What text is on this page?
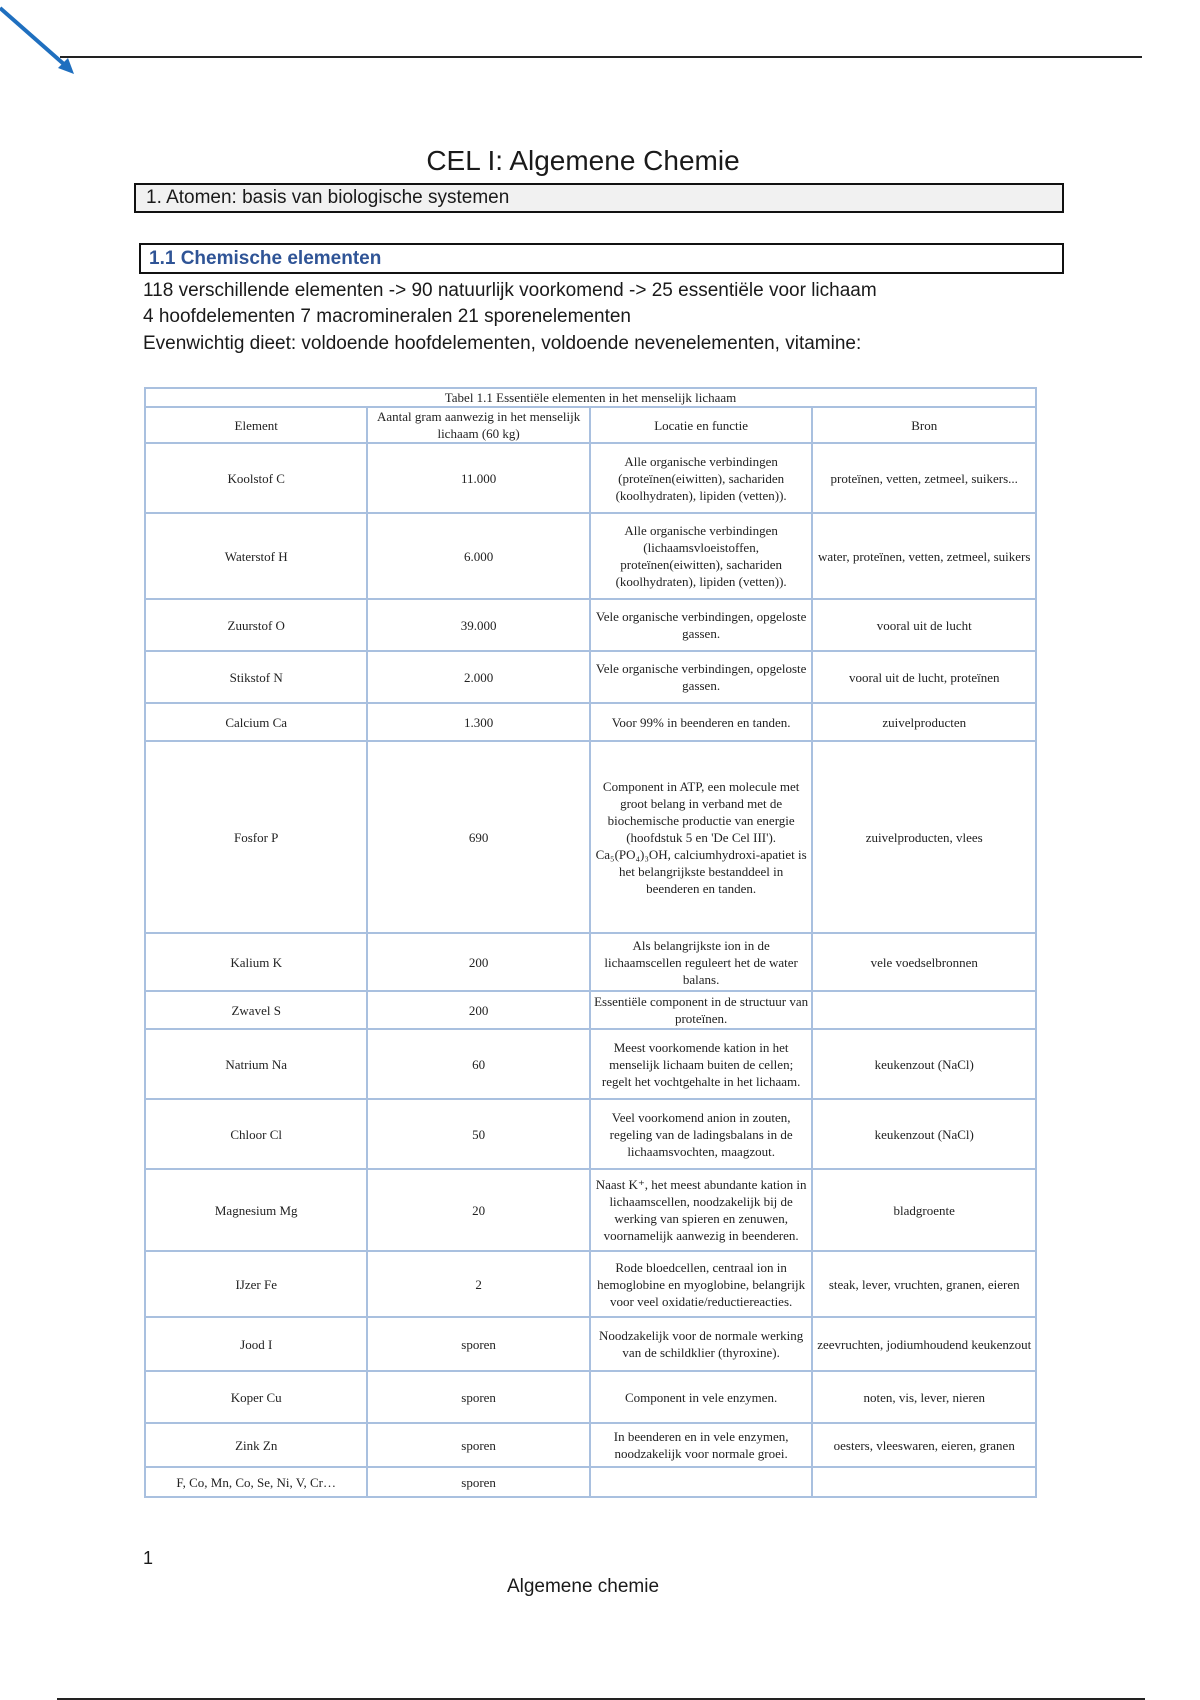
CEL I: Algemene Chemie
1. Atomen: basis van biologische systemen
1.1 Chemische elementen
118 verschillende elementen -> 90 natuurlijk voorkomend -> 25 essentiële voor lichaam
4 hoofdelementen 7 macromineralen 21 sporenelementen
Evenwichtig dieet: voldoende hoofdelementen, voldoende nevenelementen, vitamine:
Tabel 1.1 Essentiële elementen in het menselijk lichaam			
Element	Aantal gram aanwezig in het menselijk lichaam (60 kg)	Locatie en functie	Bron
Koolstof C	11.000	Alle organische verbindingen (proteïnen(eiwitten), sachariden (koolhydraten), lipiden (vetten)).	proteïnen, vetten, zetmeel, suikers...
Waterstof H	6.000	Alle organische verbindingen (lichaamsvloeistoffen, proteïnen(eiwitten), sachariden (koolhydraten), lipiden (vetten)).	water, proteïnen, vetten, zetmeel, suikers
Zuurstof O	39.000	Vele organische verbindingen, opgeloste gassen.	vooral uit de lucht
Stikstof N	2.000	Vele organische verbindingen, opgeloste gassen.	vooral uit de lucht, proteïnen
Calcium Ca	1.300	Voor 99% in beenderen en tanden.	zuivelproducten
Fosfor P	690	Component in ATP, een molecule met groot belang in verband met de biochemische productie van energie (hoofdstuk 5 en 'De Cel III'). Ca₅(PO₄)₃OH, calciumhydroxi-apatiet is het belangrijkste bestanddeel in beenderen en tanden.	zuivelproducten, vlees
Kalium K	200	Als belangrijkste ion in de lichaamscellen reguleert het de water balans.	vele voedselbronnen
Zwavel S	200	Essentiële component in de structuur van proteïnen.	
Natrium Na	60	Meest voorkomende kation in het menselijk lichaam buiten de cellen; regelt het vochtgehalte in het lichaam.	keukenzout (NaCl)
Chloor Cl	50	Veel voorkomend anion in zouten, regeling van de ladingsbalans in de lichaamsvochten, maagzout.	keukenzout (NaCl)
Magnesium Mg	20	Naast K⁺, het meest abundante kation in lichaamscellen, noodzakelijk bij de werking van spieren en zenuwen, voornamelijk aanwezig in beenderen.	bladgroente
IJzer Fe	2	Rode bloedcellen, centraal ion in hemoglobine en myoglobine, belangrijk voor veel oxidatie/reductiereacties.	steak, lever, vruchten, granen, eieren
Jood I	sporen	Noodzakelijk voor de normale werking van de schildklier (thyroxine).	zeevruchten, jodiumhoudend keukenzout
Koper Cu	sporen	Component in vele enzymen.	noten, vis, lever, nieren
Zink Zn	sporen	In beenderen en in vele enzymen, noodzakelijk voor normale groei.	oesters, vleeswaren, eieren, granen
F, Co, Mn, Co, Se, Ni, V, Cr…	sporen		
1
Algemene chemie
